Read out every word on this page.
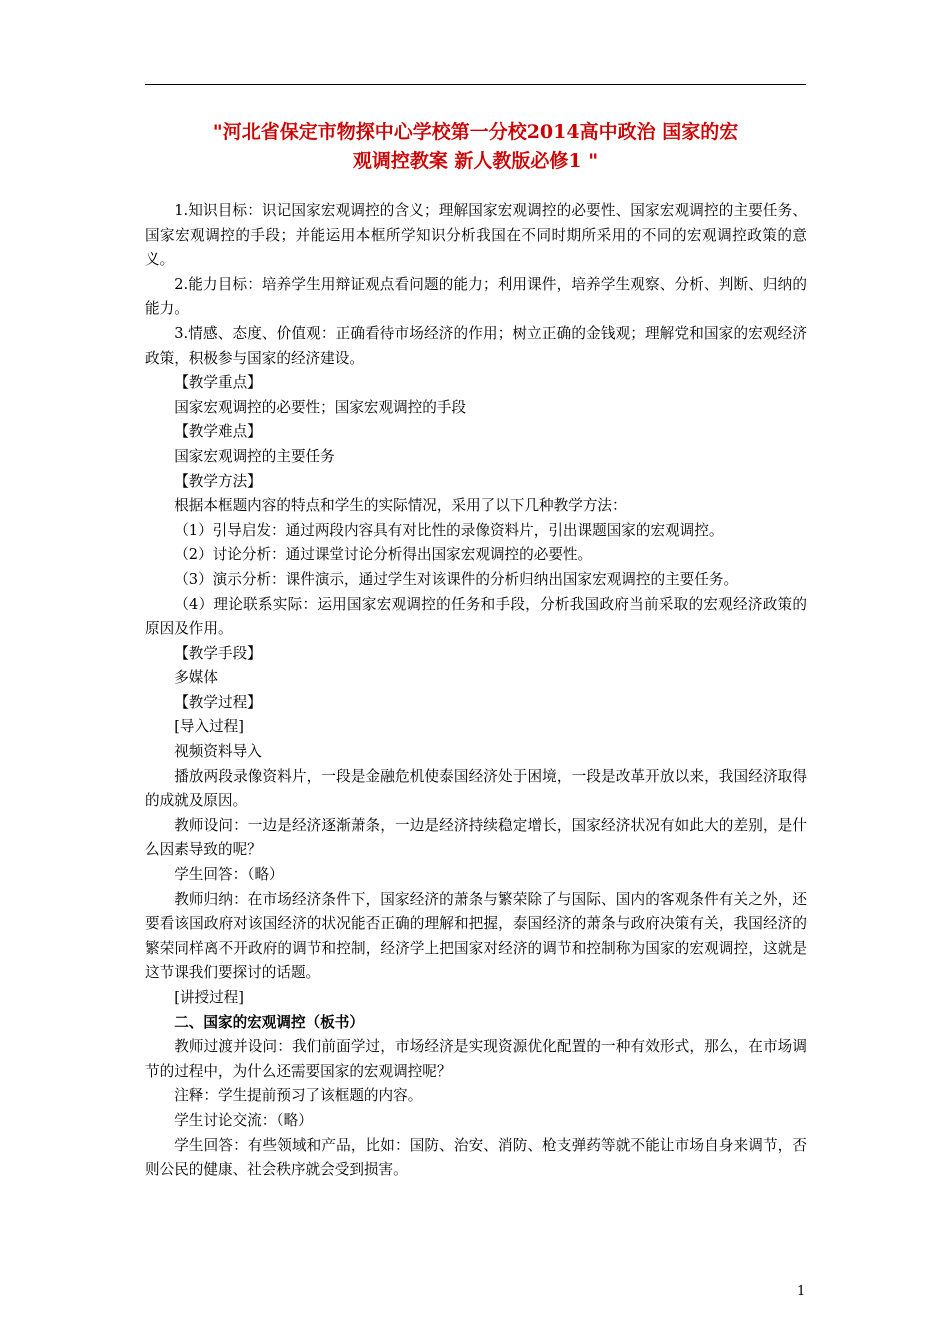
"河北省保定市物探中心学校第一分校2014高中政治 国家的宏
观调控教案 新人教版必修1 "

1.知识目标：识记国家宏观调控的含义；理解国家宏观调控的必要性、国家宏观调控的主要任务、国家宏观调控的手段；并能运用本框所学知识分析我国在不同时期所采用的不同的宏观调控政策的意义。

2.能力目标：培养学生用辩证观点看问题的能力；利用课件，培养学生观察、分析、判断、归纳的能力。

3.情感、态度、价值观：正确看待市场经济的作用；树立正确的金钱观；理解党和国家的宏观经济政策，积极参与国家的经济建设。

【教学重点】

国家宏观调控的必要性；国家宏观调控的手段

【教学难点】

国家宏观调控的主要任务

【教学方法】

根据本框题内容的特点和学生的实际情况，采用了以下几种教学方法：

（1）引导启发：通过两段内容具有对比性的录像资料片，引出课题国家的宏观调控。

（2）讨论分析：通过课堂讨论分析得出国家宏观调控的必要性。

（3）演示分析：课件演示，通过学生对该课件的分析归纳出国家宏观调控的主要任务。

（4）理论联系实际：运用国家宏观调控的任务和手段，分析我国政府当前采取的宏观经济政策的原因及作用。

【教学手段】

多媒体

【教学过程】

[导入过程]

视频资料导入

播放两段录像资料片，一段是金融危机使泰国经济处于困境，一段是改革开放以来，我国经济取得的成就及原因。

教师设问：一边是经济逐渐萧条，一边是经济持续稳定增长，国家经济状况有如此大的差别，是什么因素导致的呢？

学生回答：（略）

教师归纳：在市场经济条件下，国家经济的萧条与繁荣除了与国际、国内的客观条件有关之外，还要看该国政府对该国经济的状况能否正确的理解和把握，泰国经济的萧条与政府决策有关，我国经济的繁荣同样离不开政府的调节和控制，经济学上把国家对经济的调节和控制称为国家的宏观调控，这就是这节课我们要探讨的话题。

[讲授过程]

二、国家的宏观调控（板书）

教师过渡并设问：我们前面学过，市场经济是实现资源优化配置的一种有效形式，那么，在市场调节的过程中，为什么还需要国家的宏观调控呢？

注释：学生提前预习了该框题的内容。

学生讨论交流：（略）

学生回答：有些领域和产品，比如：国防、治安、消防、枪支弹药等就不能让市场自身来调节，否则公民的健康、社会秩序就会受到损害。

1
